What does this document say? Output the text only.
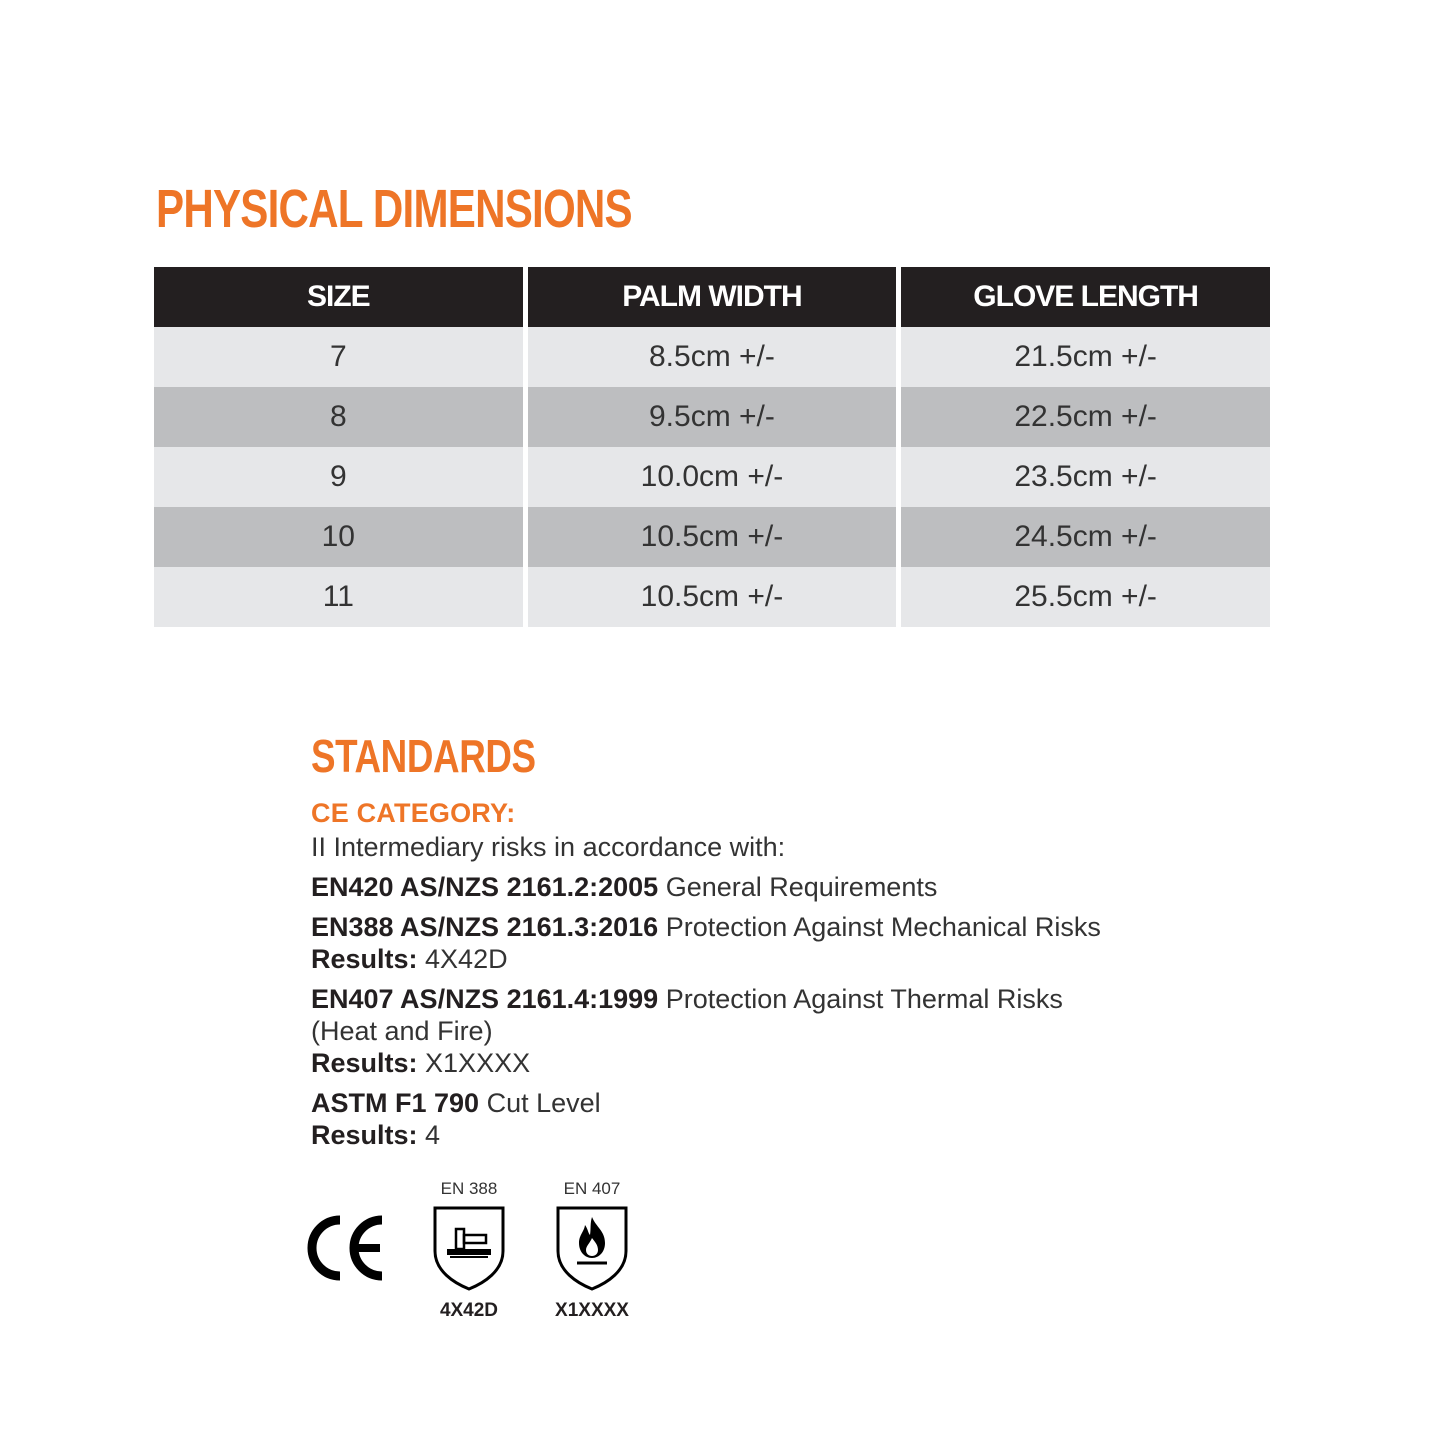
PHYSICAL DIMENSIONS
SIZE	PALM WIDTH	GLOVE LENGTH
7	8.5cm +/-	21.5cm +/-
8	9.5cm +/-	22.5cm +/-
9	10.0cm +/-	23.5cm +/-
10	10.5cm +/-	24.5cm +/-
11	10.5cm +/-	25.5cm +/-
STANDARDS

CE CATEGORY:

II Intermediary risks in accordance with:

EN420 AS/NZS 2161.2:2005 General Requirements

EN388 AS/NZS 2161.3:2016 Protection Against Mechanical Risks

Results: 4X42D

EN407 AS/NZS 2161.4:1999 Protection Against Thermal Risks

(Heat and Fire)

Results: X1XXXX

ASTM F1 790 Cut Level

Results: 4

EN 388
4X42D
EN 407
X1XXXX
